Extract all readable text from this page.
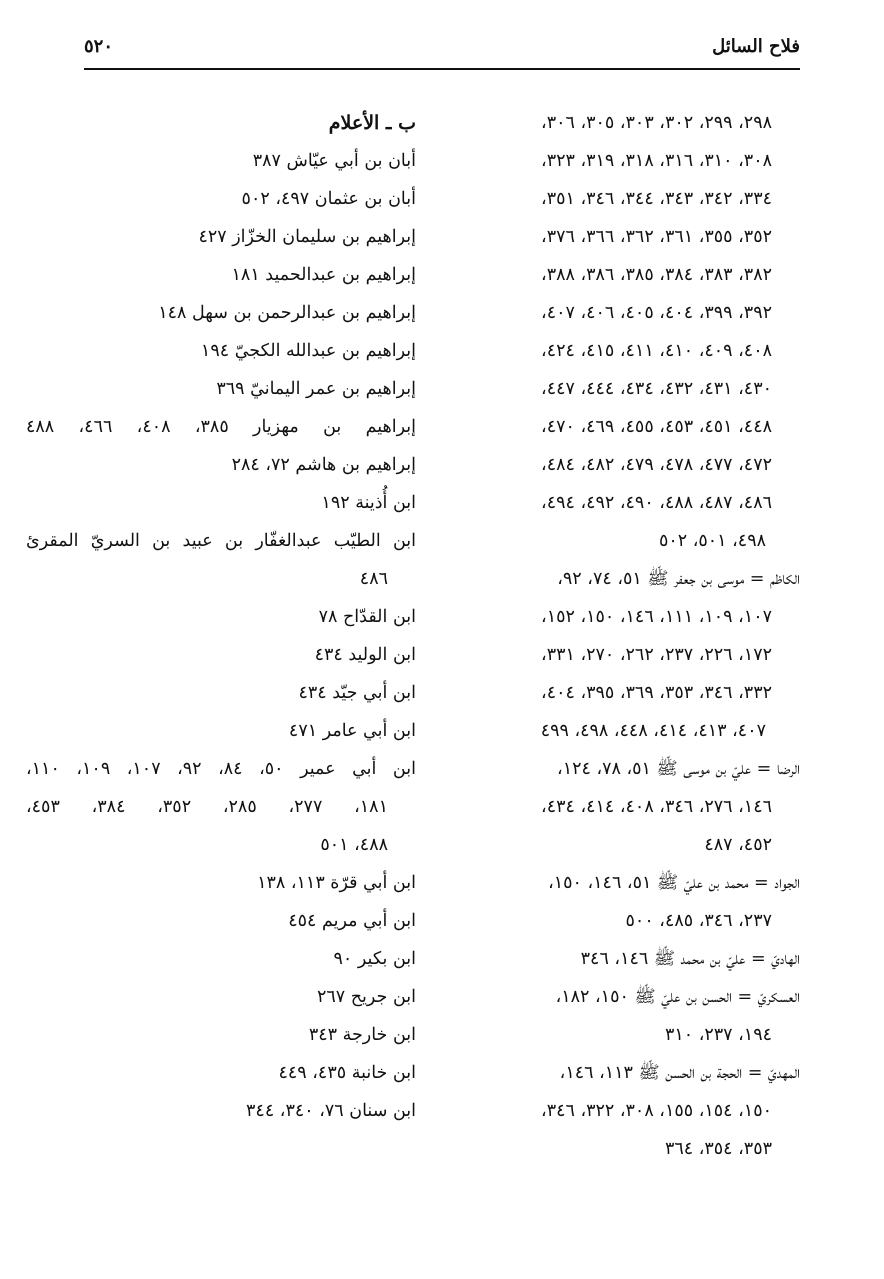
فلاح السائل
٥٢٠
٢٩٨، ٢٩٩، ٣٠٢، ٣٠٣، ٣٠٥، ٣٠٦،
٣٠٨، ٣١٠، ٣١٦، ٣١٨، ٣١٩، ٣٢٣،
٣٣٤، ٣٤٢، ٣٤٣، ٣٤٤، ٣٤٦، ٣٥١،
٣٥٢، ٣٥٥، ٣٦١، ٣٦٢، ٣٦٦، ٣٧٦،
٣٨٢، ٣٨٣، ٣٨٤، ٣٨٥، ٣٨٦، ٣٨٨،
٣٩٢، ٣٩٩، ٤٠٤، ٤٠٥، ٤٠٦، ٤٠٧،
٤٠٨، ٤٠٩، ٤١٠، ٤١١، ٤١٥، ٤٢٤،
٤٣٠، ٤٣١، ٤٣٢، ٤٣٤، ٤٤٤، ٤٤٧،
٤٤٨، ٤٥١، ٤٥٣، ٤٥٥، ٤٦٩، ٤٧٠،
٤٧٢، ٤٧٧، ٤٧٨، ٤٧٩، ٤٨٢، ٤٨٤،
٤٨٦، ٤٨٧، ٤٨٨، ٤٩٠، ٤٩٢، ٤٩٤،
٤٩٨، ٥٠١، ٥٠٢
الكاظم = موسى بن جعفر ﷺ ٥١، ٧٤، ٩٢،
١٠٧، ١٠٩، ١١١، ١٤٦، ١٥٠، ١٥٢،
١٧٢، ٢٢٦، ٢٣٧، ٢٦٢، ٢٧٠، ٣٣١،
٣٣٢، ٣٤٦، ٣٥٣، ٣٦٩، ٣٩٥، ٤٠٤،
٤٠٧، ٤١٣، ٤١٤، ٤٤٨، ٤٩٨، ٤٩٩
الرضا = عليّ بن موسى ﷺ ٥١، ٧٨، ١٢٤،
١٤٦، ٢٧٦، ٣٤٦، ٤٠٨، ٤١٤، ٤٣٤،
٤٥٢، ٤٨٧
الجواد = محمد بن عليّ ﷺ ٥١، ١٤٦، ١٥٠،
٢٣٧، ٣٤٦، ٤٨٥، ٥٠٠
الهاديّ = عليّ بن محمد ﷺ ١٤٦، ٣٤٦
العسكريّ = الحسن بن عليّ ﷺ ١٥٠، ١٨٢،
١٩٤، ٢٣٧، ٣١٠
المهديّ = الحجة بن الحسن ﷺ ١١٣، ١٤٦،
١٥٠، ١٥٤، ١٥٥، ٣٠٨، ٣٢٢، ٣٤٦،
٣٥٣، ٣٥٤، ٣٦٤
ب ـ الأعلام
أبان بن أبي عيّاش ٣٨٧
أبان بن عثمان ٤٩٧، ٥٠٢
إبراهيم بن سليمان الخزّاز ٤٢٧
إبراهيم بن عبدالحميد ١٨١
إبراهيم بن عبدالرحمن بن سهل ١٤٨
إبراهيم بن عبدالله الكجيّ ١٩٤
إبراهيم بن عمر اليمانيّ ٣٦٩
إبراهيم بن مهزيار ٣٨٥، ٤٠٨، ٤٦٦، ٤٨٨
إبراهيم بن هاشم ٧٢، ٢٨٤
ابن أُذينة ١٩٢
ابن الطيّب عبدالغفّار بن عبيد بن السريّ المقرئ
٤٨٦
ابن القدّاح ٧٨
ابن الوليد ٤٣٤
ابن أبي جيّد ٤٣٤
ابن أبي عامر ٤٧١
ابن أبي عمير ٥٠، ٨٤، ٩٢، ١٠٧، ١٠٩، ١١٠،
١٨١، ٢٧٧، ٢٨٥، ٣٥٢، ٣٨٤، ٤٥٣،
٤٨٨، ٥٠١
ابن أبي قرّة ١١٣، ١٣٨
ابن أبي مريم ٤٥٤
ابن بكير ٩٠
ابن جريح ٢٦٧
ابن خارجة ٣٤٣
ابن خانبة ٤٣٥، ٤٤٩
ابن سنان ٧٦، ٣٤٠، ٣٤٤
